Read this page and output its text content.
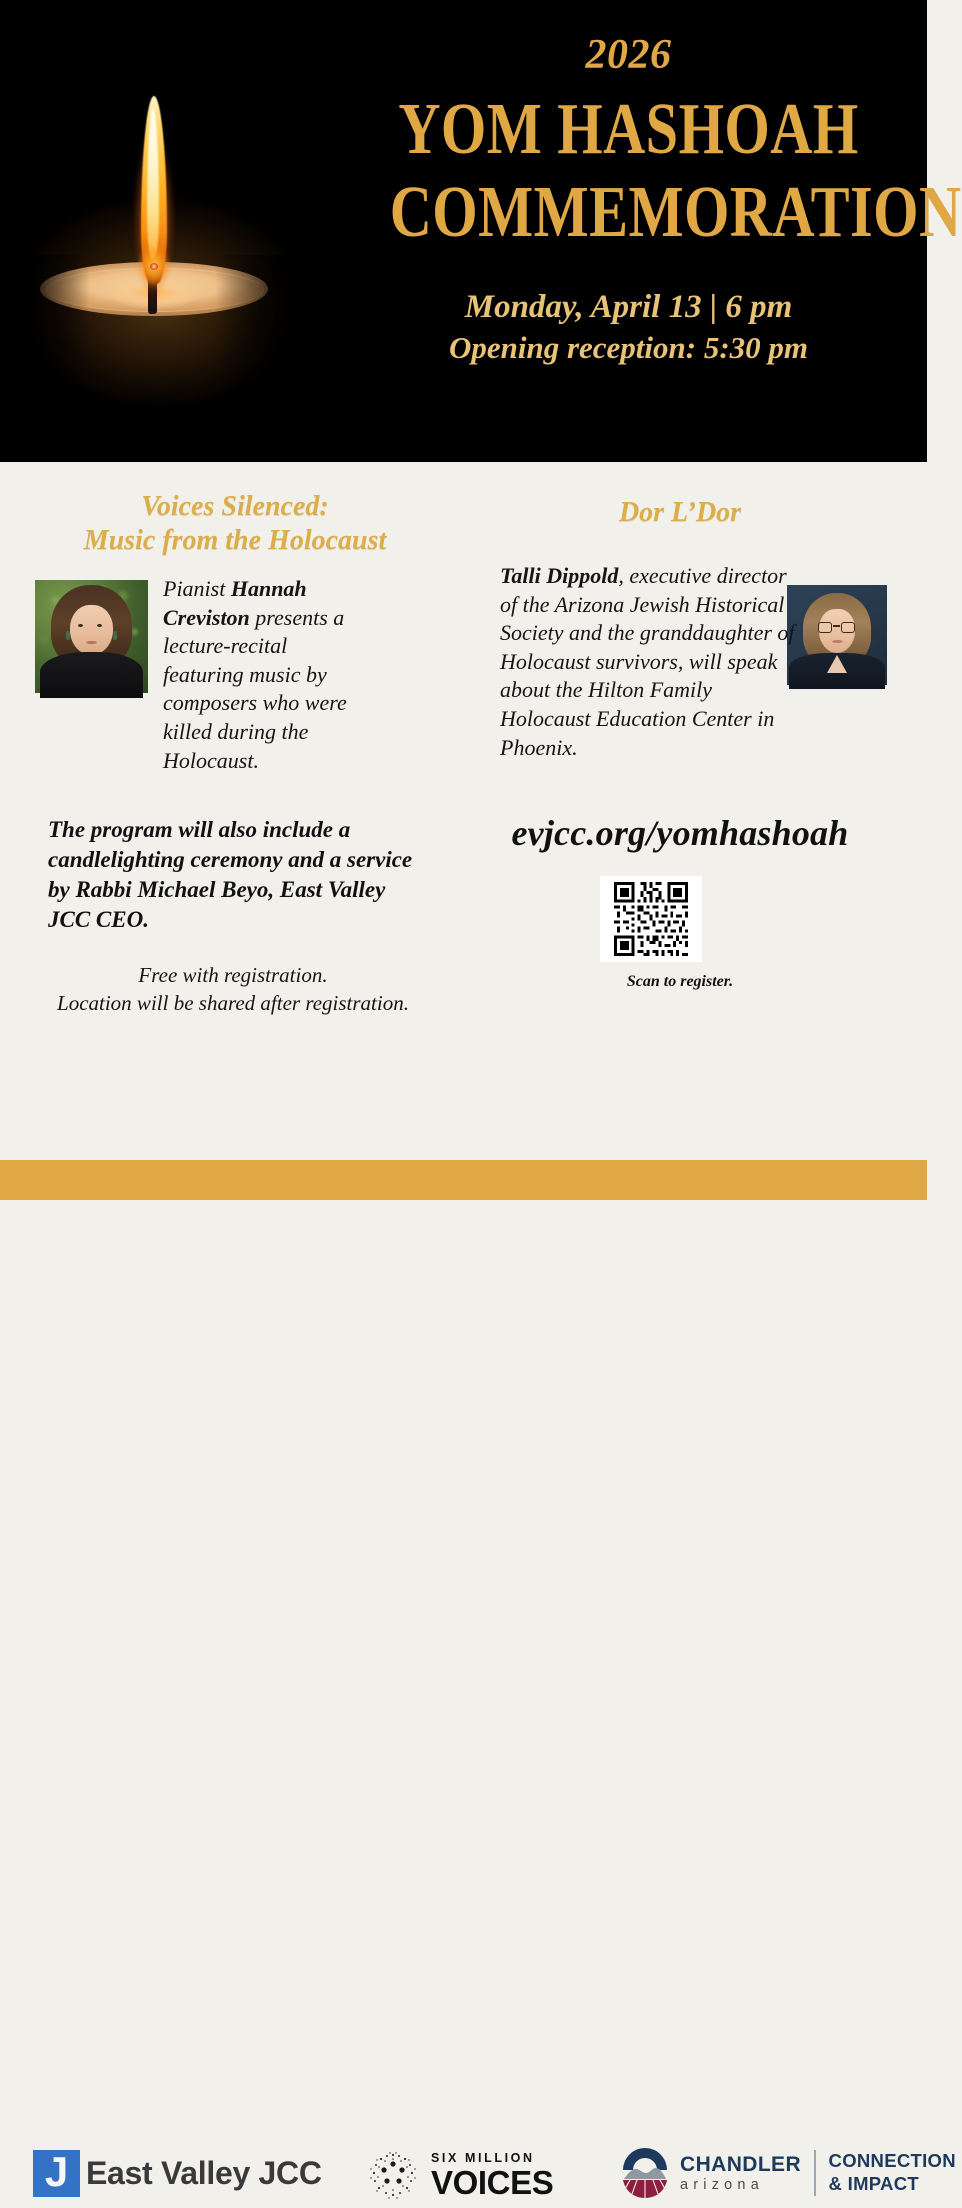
2026
YOM HASHOAH
COMMEMORATION
Monday, April 13 | 6 pm
Opening reception: 5:30 pm
Voices Silenced:
Music from the Holocaust
Dor L’Dor
Pianist Hannah Creviston presents a lecture-recital featuring music by composers who were killed during the Holocaust.
Talli Dippold, executive director of the Arizona Jewish Historical Society and the granddaughter of Holocaust survivors, will speak about the Hilton Family Holocaust Education Center in Phoenix.
The program will also include a candlelighting ceremony and a service by Rabbi Michael Beyo, East Valley JCC CEO.
Free with registration.
Location will be shared after registration.
evjcc.org/yomhashoah
Scan to register.
J East Valley JCC	SIX MILLION
VOICES	CHANDLER
arizona
CONNECTION
& IMPACT
